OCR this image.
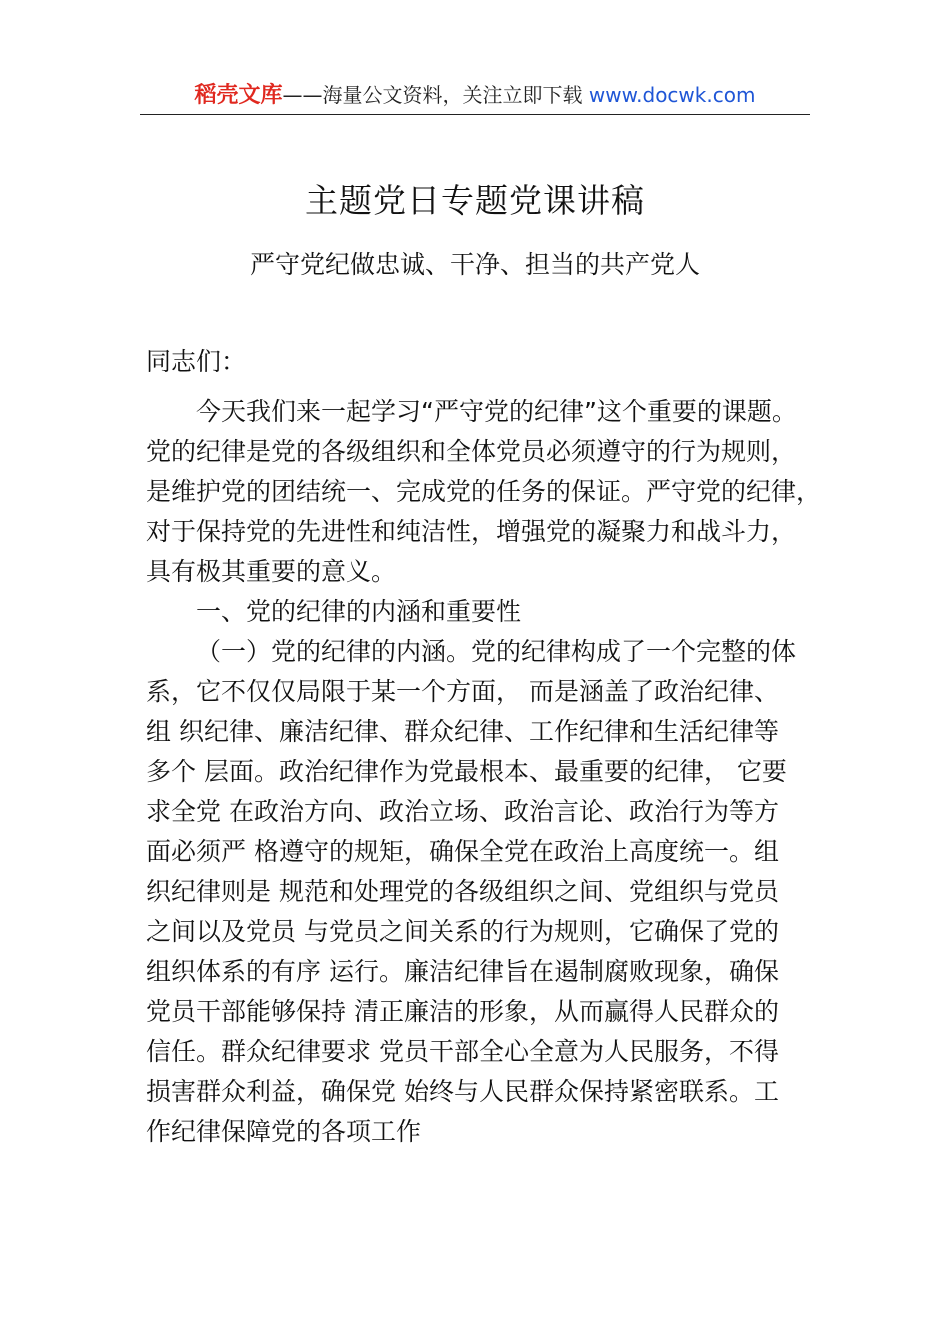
稻壳文库——海量公文资料，关注立即下载 www.docwk.com
主题党日专题党课讲稿
严守党纪做忠诚、干净、担当的共产党人
同志们：
今天我们来一起学习“严守党的纪律”这个重要的课题。
党的纪律是党的各级组织和全体党员必须遵守的行为规则，
是维护党的团结统一、完成党的任务的保证。严守党的纪律，
对于保持党的先进性和纯洁性，增强党的凝聚力和战斗力，
具有极其重要的意义。
一、党的纪律的内涵和重要性
（一）党的纪律的内涵。党的纪律构成了一个完整的体
系，它不仅仅局限于某一个方面， 而是涵盖了政治纪律、
组 织纪律、廉洁纪律、群众纪律、工作纪律和生活纪律等
多个 层面。政治纪律作为党最根本、最重要的纪律， 它要
求全党 在政治方向、政治立场、政治言论、政治行为等方
面必须严 格遵守的规矩，确保全党在政治上高度统一。组
织纪律则是 规范和处理党的各级组织之间、党组织与党员
之间以及党员 与党员之间关系的行为规则，它确保了党的
组织体系的有序 运行。廉洁纪律旨在遏制腐败现象，确保
党员干部能够保持 清正廉洁的形象，从而赢得人民群众的
信任。群众纪律要求 党员干部全心全意为人民服务，不得
损害群众利益，确保党 始终与人民群众保持紧密联系。工
作纪律保障党的各项工作
